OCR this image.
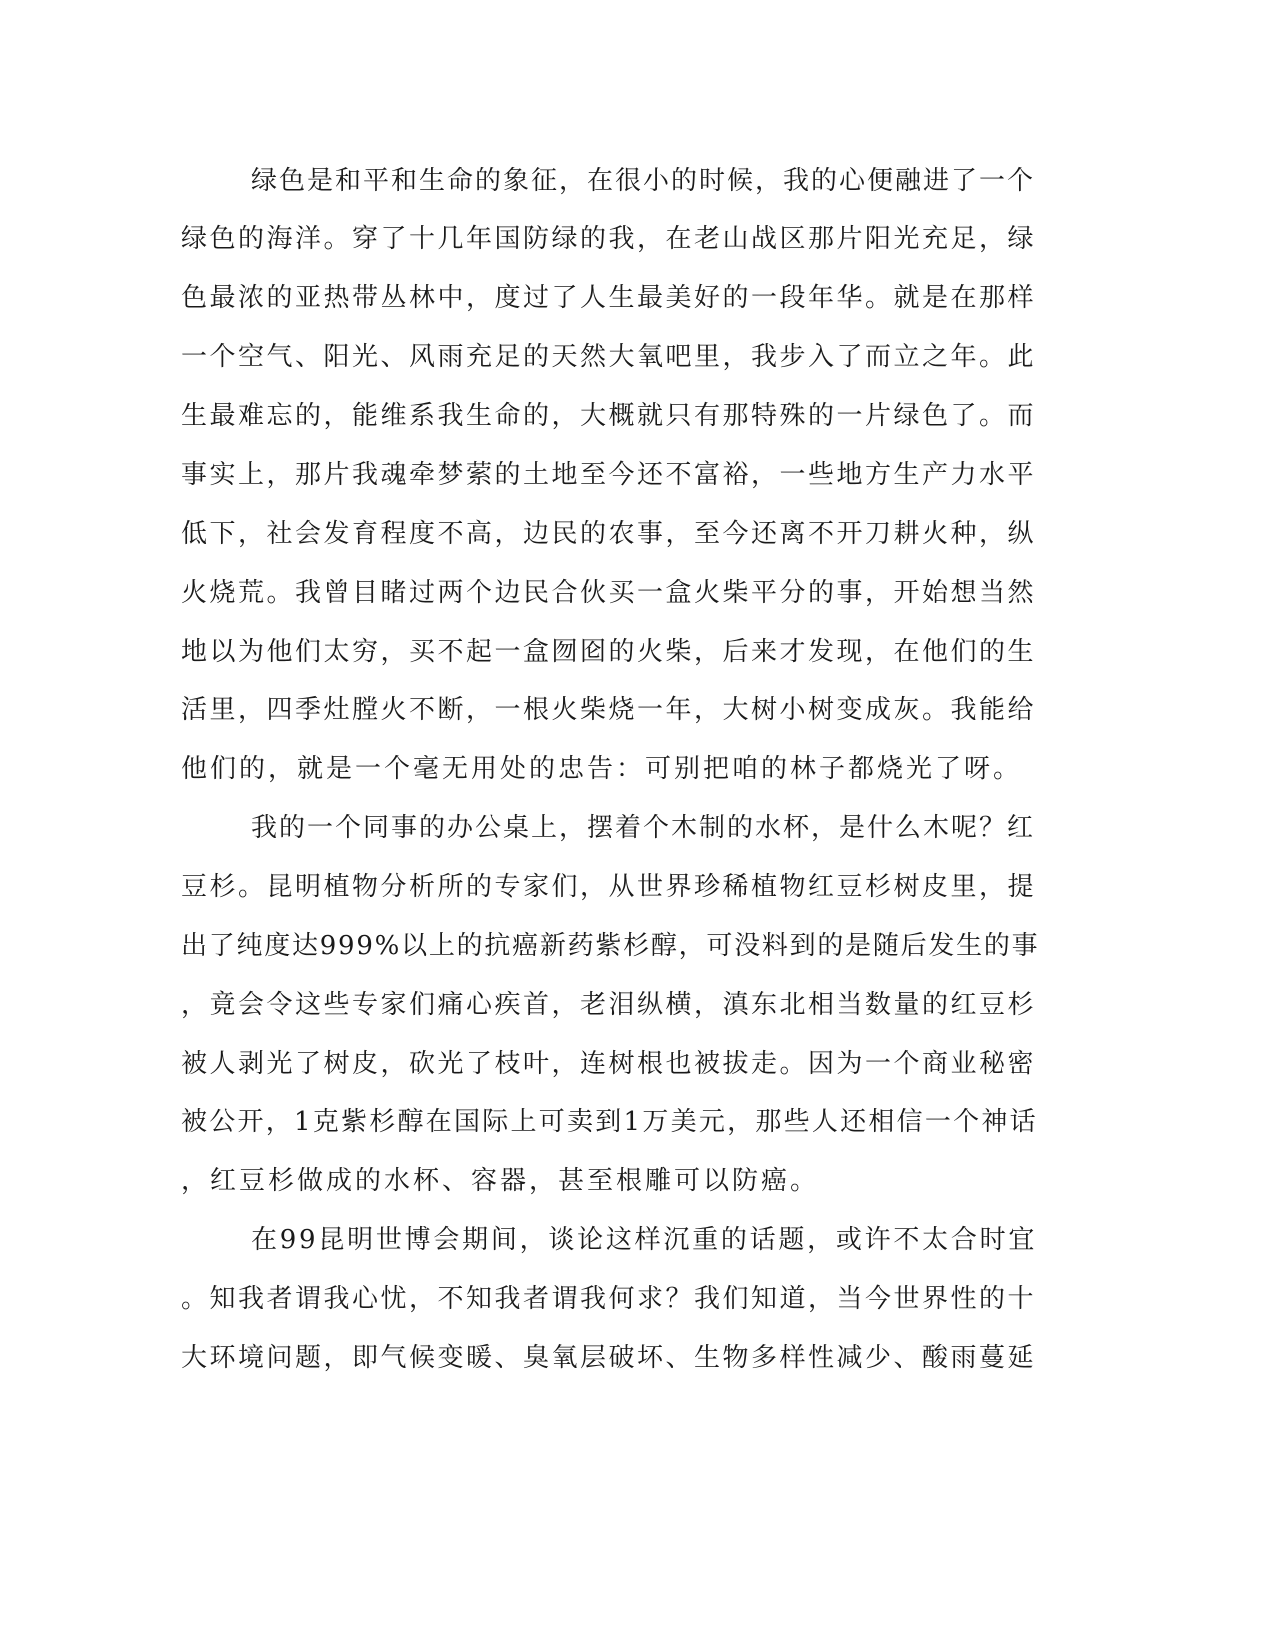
绿色是和平和生命的象征，在很小的时候，我的心便融进了一个
绿色的海洋。穿了十几年国防绿的我，在老山战区那片阳光充足，绿
色最浓的亚热带丛林中，度过了人生最美好的一段年华。就是在那样
一个空气、阳光、风雨充足的天然大氧吧里，我步入了而立之年。此
生最难忘的，能维系我生命的，大概就只有那特殊的一片绿色了。而
事实上，那片我魂牵梦萦的土地至今还不富裕，一些地方生产力水平
低下，社会发育程度不高，边民的农事，至今还离不开刀耕火种，纵
火烧荒。我曾目睹过两个边民合伙买一盒火柴平分的事，开始想当然
地以为他们太穷，买不起一盒囫囵的火柴，后来才发现，在他们的生
活里，四季灶膛火不断，一根火柴烧一年，大树小树变成灰。我能给
他们的，就是一个毫无用处的忠告：可别把咱的林子都烧光了呀。
我的一个同事的办公桌上，摆着个木制的水杯，是什么木呢？红
豆杉。昆明植物分析所的专家们，从世界珍稀植物红豆杉树皮里，提
出了纯度达999%以上的抗癌新药紫杉醇，可没料到的是随后发生的事
，竟会令这些专家们痛心疾首，老泪纵横，滇东北相当数量的红豆杉
被人剥光了树皮，砍光了枝叶，连树根也被拔走。因为一个商业秘密
被公开，1克紫杉醇在国际上可卖到1万美元，那些人还相信一个神话
，红豆杉做成的水杯、容器，甚至根雕可以防癌。
在99昆明世博会期间，谈论这样沉重的话题，或许不太合时宜
。知我者谓我心忧，不知我者谓我何求？我们知道，当今世界性的十
大环境问题，即气候变暖、臭氧层破坏、生物多样性减少、酸雨蔓延
